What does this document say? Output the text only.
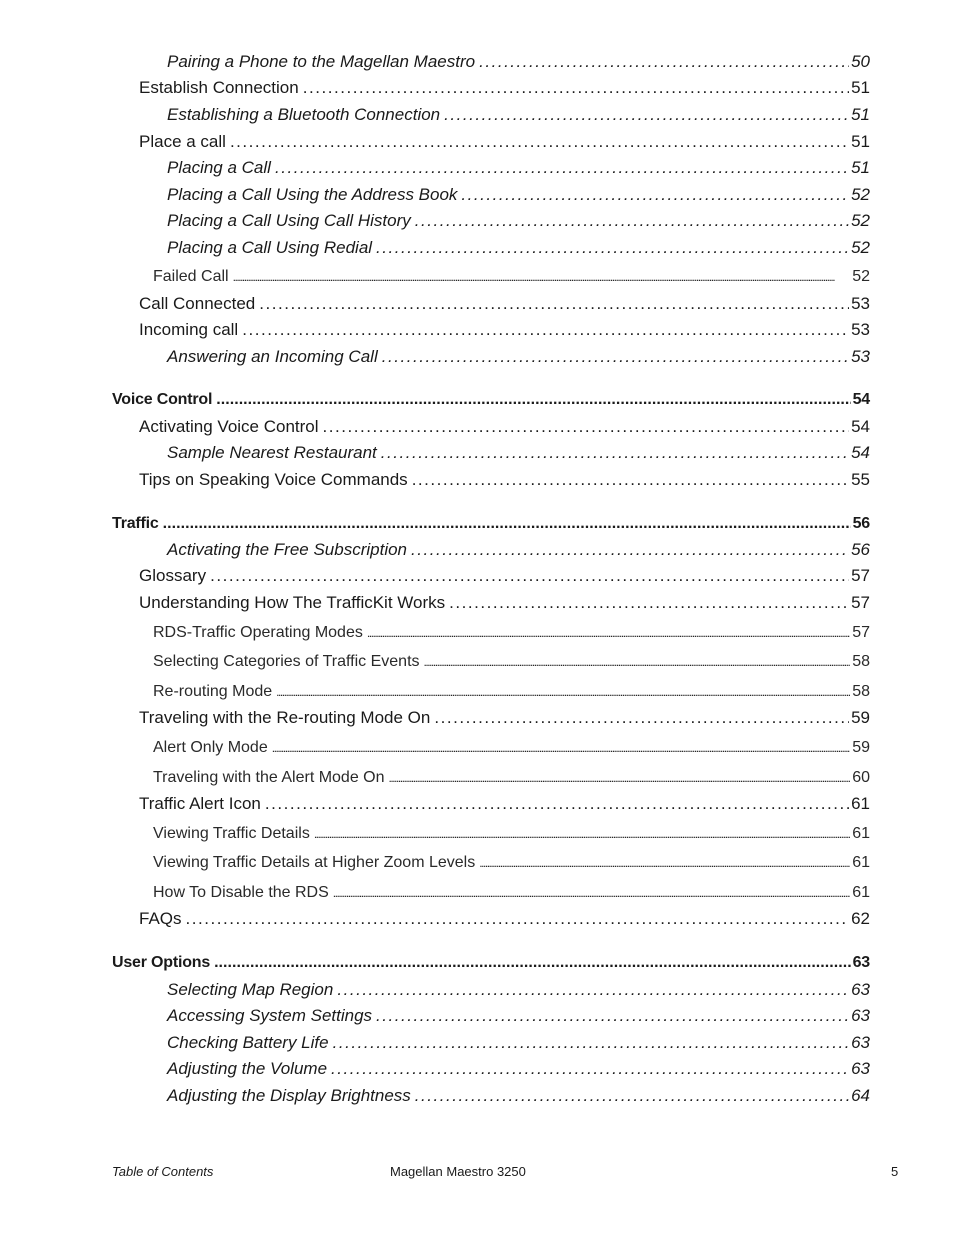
Pairing a Phone to the Magellan Maestro . . .	50
Establish Connection . . .	51
Establishing a Bluetooth Connection . . .	51
Place a call . . .	51
Placing a Call . . .	51
Placing a Call Using the Address Book . . .	52
Placing a Call Using Call History . . .	52
Placing a Call Using Redial . . .	52
Failed Call . . .	52
Call Connected . . .	53
Incoming call . . .	53
Answering an Incoming Call . . .	53
Voice Control . . .	54
Activating Voice Control . . .	54
Sample Nearest Restaurant . . .	54
Tips on Speaking Voice Commands . . .	55
Traffic . . .	56
Activating the Free Subscription . . .	56
Glossary . . .	57
Understanding How The TrafficKit Works . . .	57
RDS-Traffic Operating Modes . . .	57
Selecting Categories of Traffic Events . . .	58
Re-routing Mode . . .	58
Traveling with the Re-routing Mode On . . .	59
Alert Only Mode . . .	59
Traveling with the Alert Mode On . . .	60
Traffic Alert Icon . . .	61
Viewing Traffic Details . . .	61
Viewing Traffic Details at Higher Zoom Levels . . .	61
How To Disable the RDS . . .	61
FAQs . . .	62
User Options . . .	63
Selecting Map Region . . .	63
Accessing System Settings . . .	63
Checking Battery Life . . .	63
Adjusting the Volume . . .	63
Adjusting the Display Brightness . . .	64
Table of Contents	Magellan Maestro 3250	5
